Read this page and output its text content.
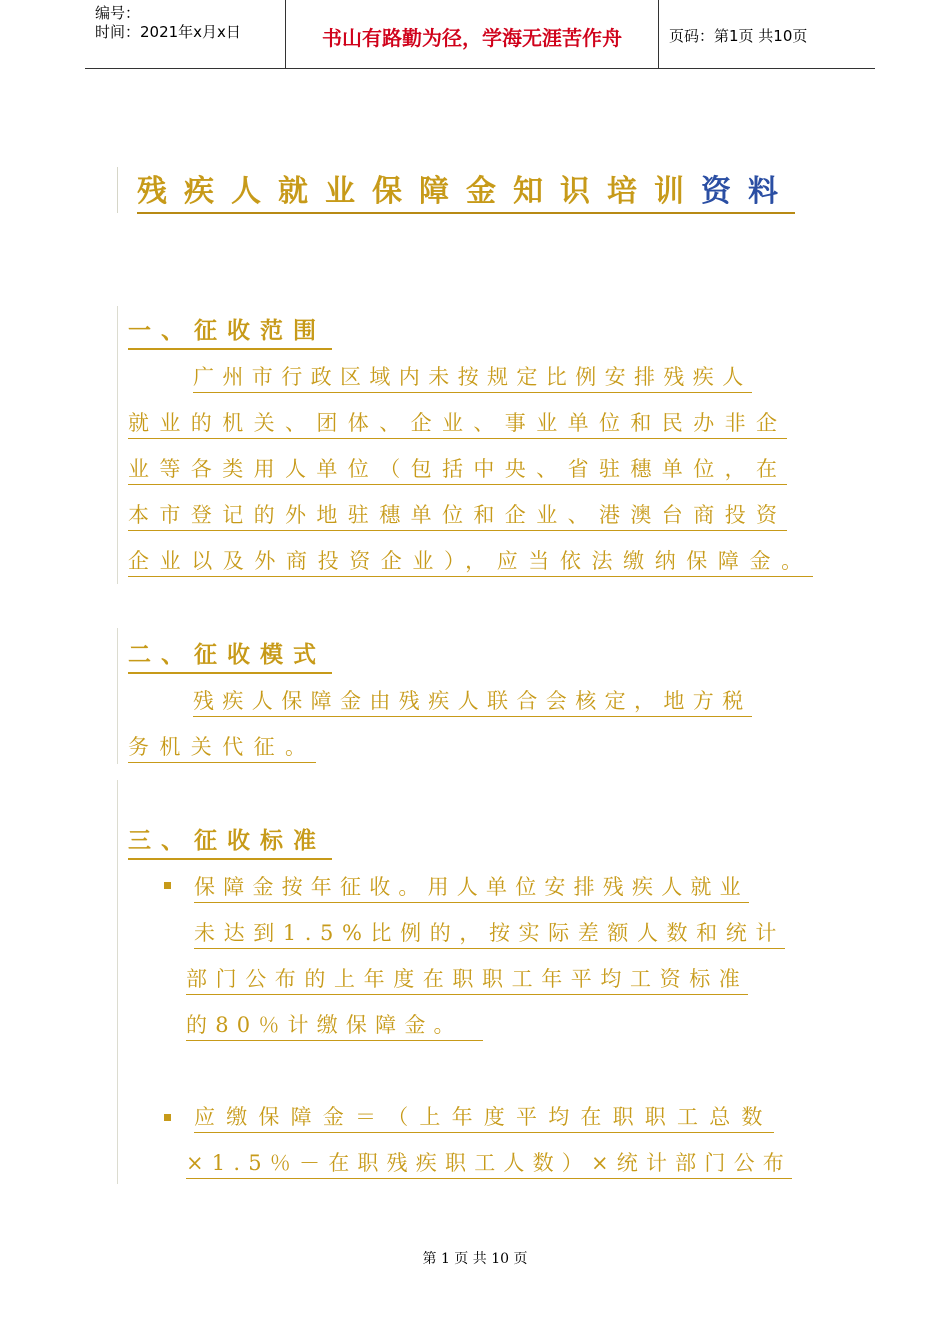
编号：
时间：2021年x月x日	书山有路勤为径，学海无涯苦作舟	页码：第1页 共10页
残疾人就业保障金知识培训资料
一、征收范围
广州市行政区域内未按规定比例安排残疾人
就业的机关、团体、企业、事业单位和民办非企
业等各类用人单位（包括中央、省驻穗单位，在
本市登记的外地驻穗单位和企业、港澳台商投资
企业以及外商投资企业），应当依法缴纳保障金。
二、征收模式
残疾人保障金由残疾人联合会核定，地方税
务机关代征。
三、征收标准
保障金按年征收。用人单位安排残疾人就业
未达到1.5%比例的，按实际差额人数和统计
部门公布的上年度在职职工年平均工资标准
的80％计缴保障金。
应缴保障金＝（上年度平均在职职工总数
×1.5％－在职残疾职工人数）×统计部门公布
第 1 页 共 10 页
